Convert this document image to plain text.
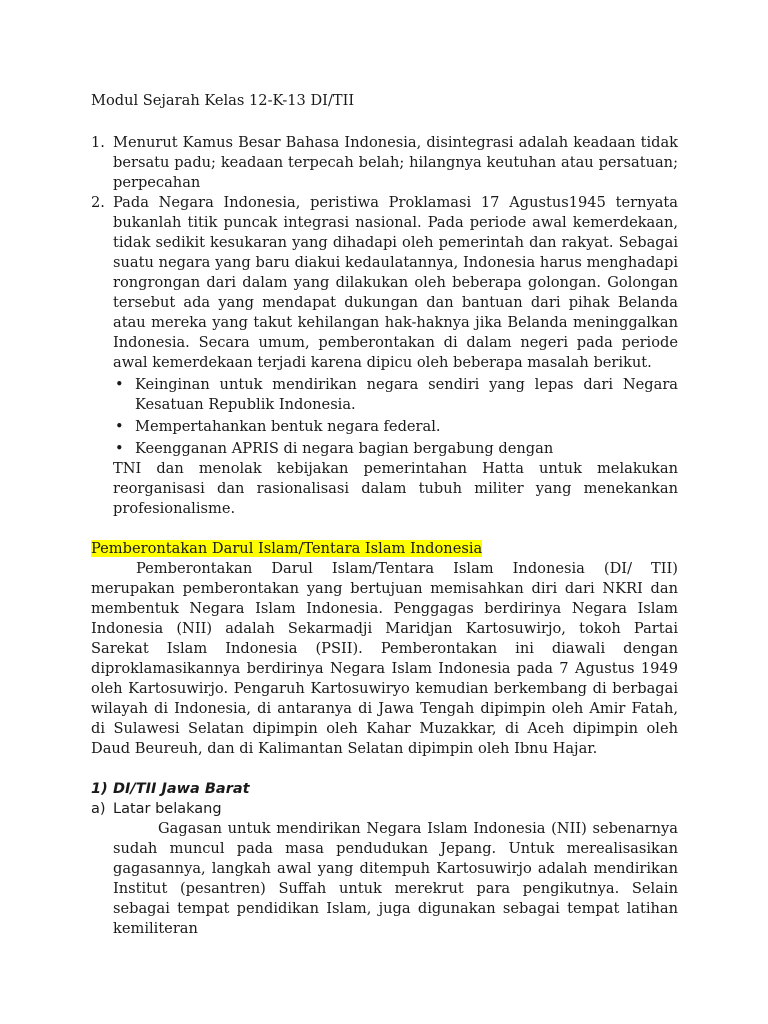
Modul Sejarah Kelas 12-K-13 DI/TII
1. Menurut Kamus Besar Bahasa Indonesia, disintegrasi adalah keadaan tidak bersatu padu; keadaan terpecah belah; hilangnya keutuhan atau persatuan; perpecahan
2. Pada Negara Indonesia, peristiwa Proklamasi 17 Agustus1945 ternyata bukanlah titik puncak integrasi nasional. Pada periode awal kemerdekaan, tidak sedikit kesukaran yang dihadapi oleh pemerintah dan rakyat. Sebagai suatu negara yang baru diakui kedaulatannya, Indonesia harus menghadapi rongrongan dari dalam yang dilakukan oleh beberapa golongan. Golongan tersebut ada yang mendapat dukungan dan bantuan dari pihak Belanda atau mereka yang takut kehilangan hak-haknya jika Belanda meninggalkan Indonesia. Secara umum, pemberontakan di dalam negeri pada periode awal kemerdekaan terjadi karena dipicu oleh beberapa masalah berikut.
• Keinginan untuk mendirikan negara sendiri yang lepas dari Negara Kesatuan Republik Indonesia.
• Mempertahankan bentuk negara federal.
• Keengganan APRIS di negara bagian bergabung dengan
TNI dan menolak kebijakan pemerintahan Hatta untuk melakukan reorganisasi dan rasionalisasi dalam tubuh militer yang menekankan profesionalisme.
Pemberontakan Darul Islam/Tentara Islam Indonesia
Pemberontakan Darul Islam/Tentara Islam Indonesia (DI/ TII) merupakan pemberontakan yang bertujuan memisahkan diri dari NKRI dan membentuk Negara Islam Indonesia. Penggagas berdirinya Negara Islam Indonesia (NII) adalah Sekarmadji Maridjan Kartosuwirjo, tokoh Partai Sarekat Islam Indonesia (PSII). Pemberontakan ini diawali dengan diproklamasikannya berdirinya Negara Islam Indonesia pada 7 Agustus 1949 oleh Kartosuwirjo. Pengaruh Kartosuwiryo kemudian berkembang di berbagai wilayah di Indonesia, di antaranya di Jawa Tengah dipimpin oleh Amir Fatah, di Sulawesi Selatan dipimpin oleh Kahar Muzakkar, di Aceh dipimpin oleh Daud Beureuh, dan di Kalimantan Selatan dipimpin oleh Ibnu Hajar.
1) DI/TII Jawa Barat
a) Latar belakang
Gagasan untuk mendirikan Negara Islam Indonesia (NII) sebenarnya sudah muncul pada masa pendudukan Jepang. Untuk merealisasikan gagasannya, langkah awal yang ditempuh Kartosuwirjo adalah mendirikan Institut (pesantren) Suffah untuk merekrut para pengikutnya. Selain sebagai tempat pendidikan Islam, juga digunakan sebagai tempat latihan kemiliteran
